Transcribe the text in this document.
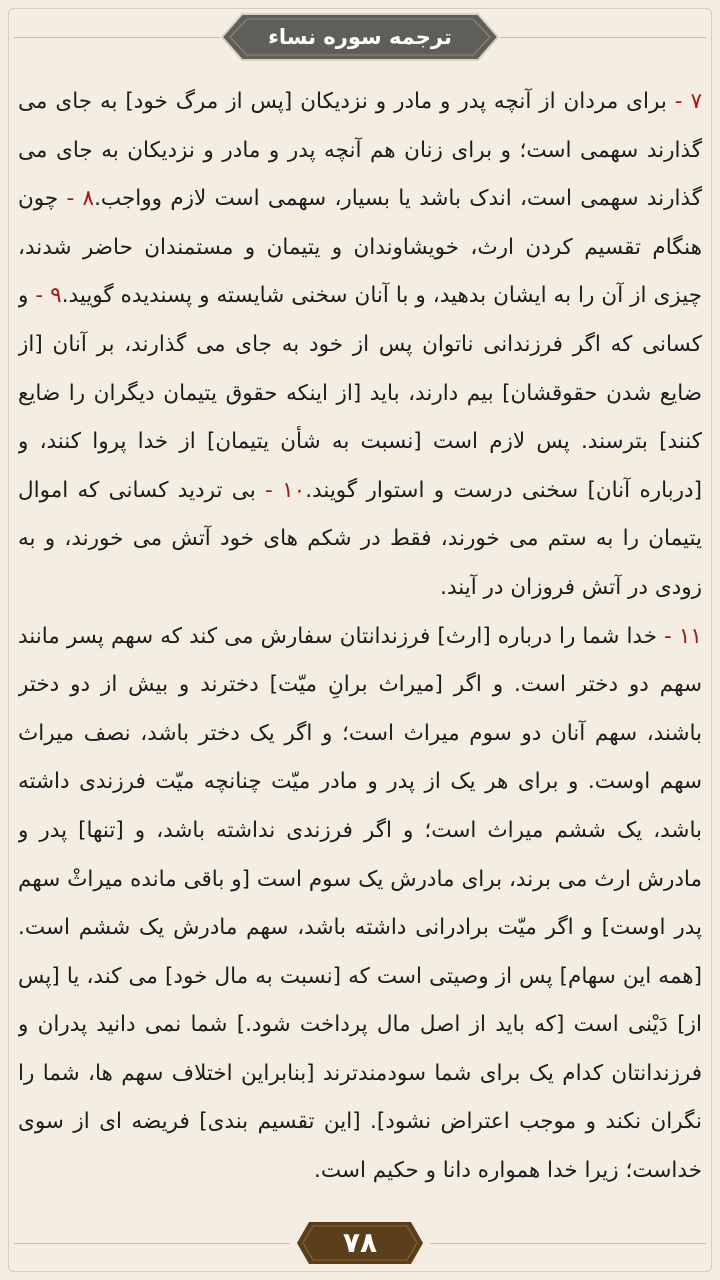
ترجمه سوره نساء

۷ - برای مردان از آنچه پدر و مادر و نزدیکان [پس از مرگ خود] به جای می گذارند سهمی است؛ و برای زنان هم آنچه پدر و مادر و نزدیکان به جای می گذارند سهمی است، اندک باشد یا بسیار، سهمی است لازم وواجب.۸ - چون هنگام تقسیم کردن ارث، خویشاوندان و یتیمان و مستمندان حاضر شدند، چیزی از آن را به ایشان بدهید، و با آنان سخنی شایسته و پسندیده گویید.۹ - و کسانی که اگر فرزندانی ناتوان پس از خود به جای می گذارند، بر آنان [از ضایع شدن حقوقشان] بیم دارند، باید [از اینکه حقوق یتیمان دیگران را ضایع کنند] بترسند. پس لازم است [نسبت به شأن یتیمان] از خدا پروا کنند، و [درباره آنان] سخنی درست و استوار گویند.۱۰ - بی تردید کسانی که اموال یتیمان را به ستم می خورند، فقط در شکم های خود آتش می خورند، و به زودی در آتش فروزان در آیند.

۱۱ - خدا شما را درباره [ارث] فرزندانتان سفارش می کند که سهم پسر مانند سهم دو دختر است. و اگر [میراث برانِ میّت] دخترند و بیش از دو دختر باشند، سهم آنان دو سوم میراث است؛ و اگر یک دختر باشد، نصف میراث سهم اوست. و برای هر یک از پدر و مادر میّت چنانچه میّت فرزندی داشته باشد، یک ششم میراث است؛ و اگر فرزندی نداشته باشد، و [تنها] پدر و مادرش ارث می برند، برای مادرش یک سوم است [و باقی مانده میراثْ سهم پدر اوست] و اگر میّت برادرانی داشته باشد، سهم مادرش یک ششم است. [همه این سهام] پس از وصیتی است که [نسبت به مال خود] می کند، یا [پس از] دَیْنی است [که باید از اصل مال پرداخت شود.] شما نمی دانید پدران و فرزندانتان کدام یک برای شما سودمندترند [بنابراین اختلاف سهم ها، شما را نگران نکند و موجب اعتراض نشود]. [این تقسیم بندی] فریضه ای از سوی خداست؛ زیرا خدا همواره دانا و حکیم است.

۷۸
